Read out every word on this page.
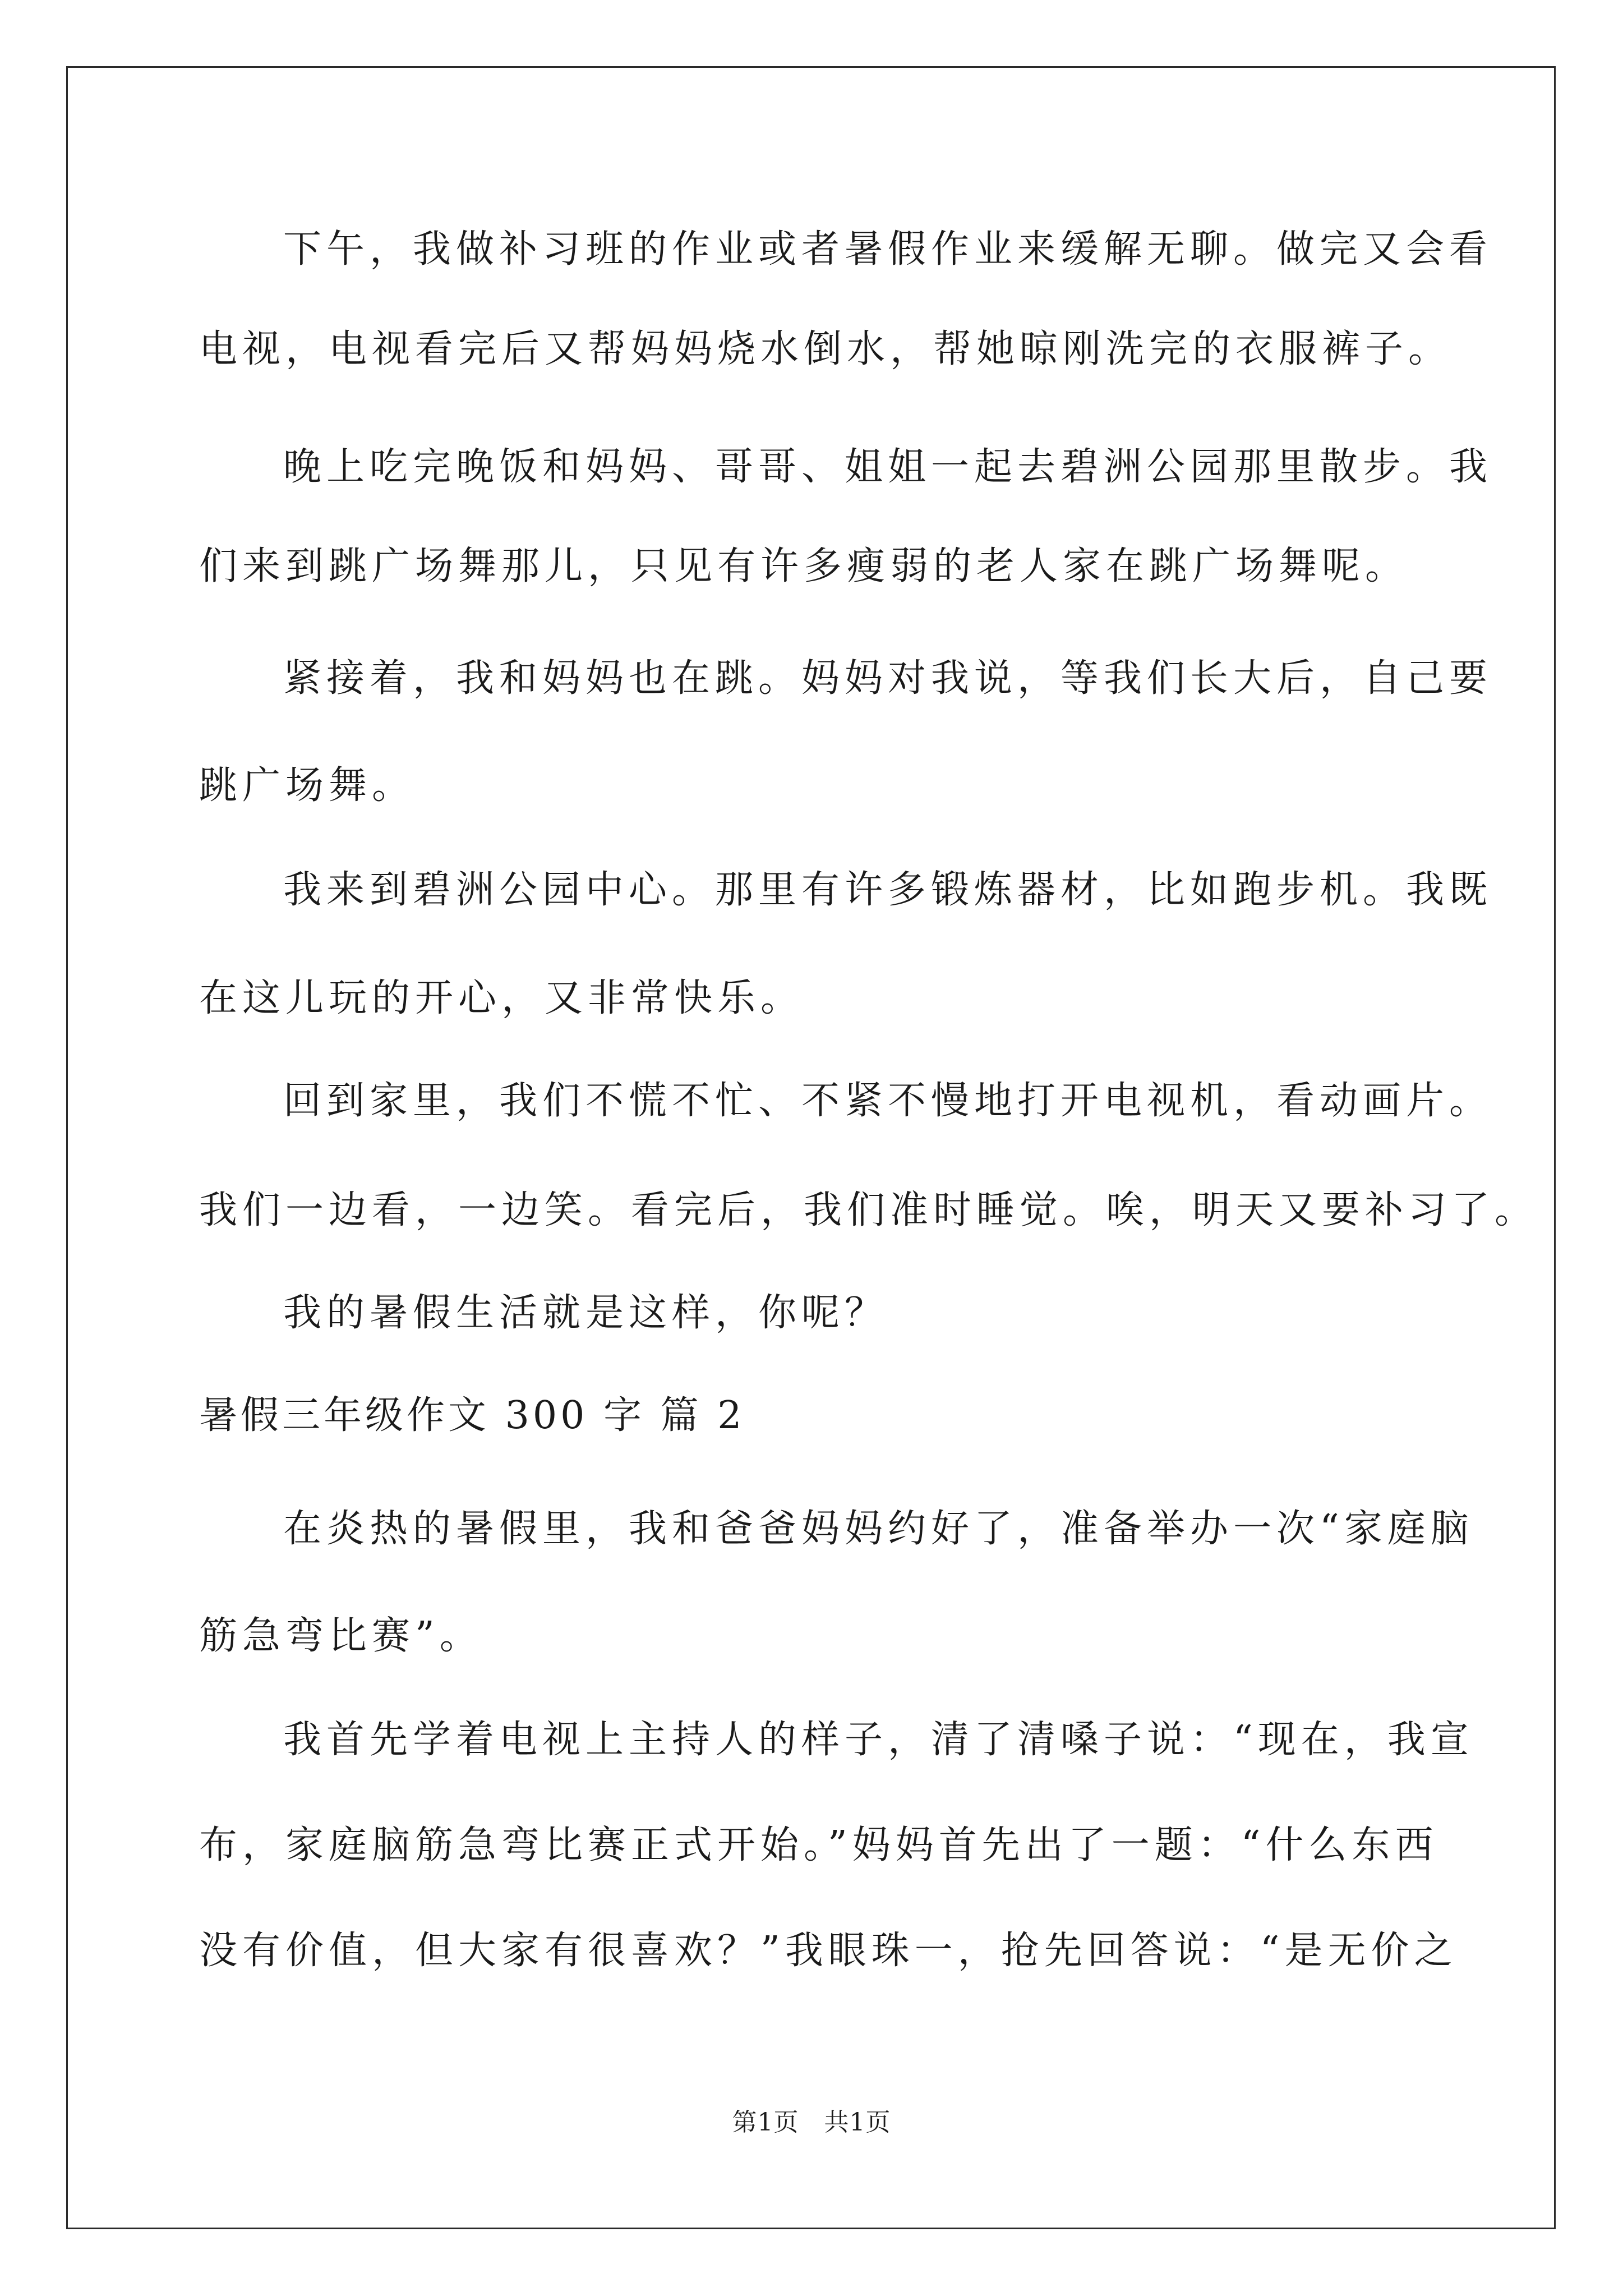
下午，我做补习班的作业或者暑假作业来缓解无聊。做完又会看
电视，电视看完后又帮妈妈烧水倒水，帮她晾刚洗完的衣服裤子。
晚上吃完晚饭和妈妈、哥哥、姐姐一起去碧洲公园那里散步。我
们来到跳广场舞那儿，只见有许多瘦弱的老人家在跳广场舞呢。
紧接着，我和妈妈也在跳。妈妈对我说，等我们长大后，自己要
跳广场舞。
我来到碧洲公园中心。那里有许多锻炼器材，比如跑步机。我既
在这儿玩的开心，又非常快乐。
回到家里，我们不慌不忙、不紧不慢地打开电视机，看动画片。
我们一边看，一边笑。看完后，我们准时睡觉。唉，明天又要补习了。
我的暑假生活就是这样，你呢？
暑假三年级作文 300 字 篇 2
在炎热的暑假里，我和爸爸妈妈约好了，准备举办一次“家庭脑
筋急弯比赛”。
我首先学着电视上主持人的样子，清了清嗓子说：“现在，我宣
布，家庭脑筋急弯比赛正式开始。”妈妈首先出了一题：“什么东西
没有价值，但大家有很喜欢？”我眼珠一，抢先回答说：“是无价之
第1页   共1页
